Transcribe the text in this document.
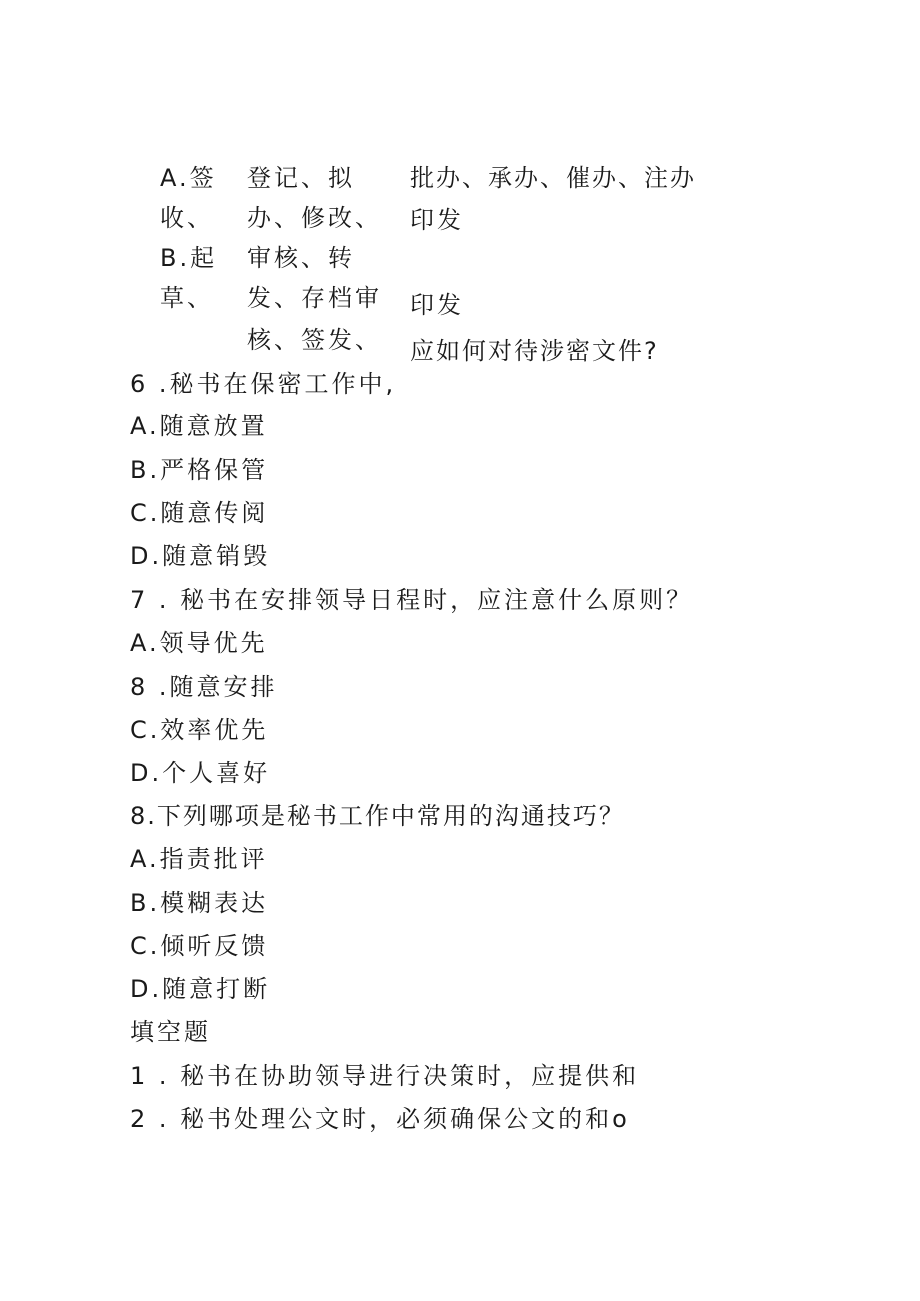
A.签
收、
B.起
草、
登记、拟
办、修改、
审核、转
发、存档审
核、签发、
批办、承办、催办、注办
印发
印发
应如何对待涉密文件?
6 .秘书在保密工作中,
A.随意放置
B.严格保管
C.随意传阅
D.随意销毁
7 . 秘书在安排领导日程时，应注意什么原则？
A.领导优先
8 .随意安排
C.效率优先
D.个人喜好
8.下列哪项是秘书工作中常用的沟通技巧？
A.指责批评
B.模糊表达
C.倾听反馈
D.随意打断
填空题
1 . 秘书在协助领导进行决策时，应提供和
2 . 秘书处理公文时，必须确保公文的和o
